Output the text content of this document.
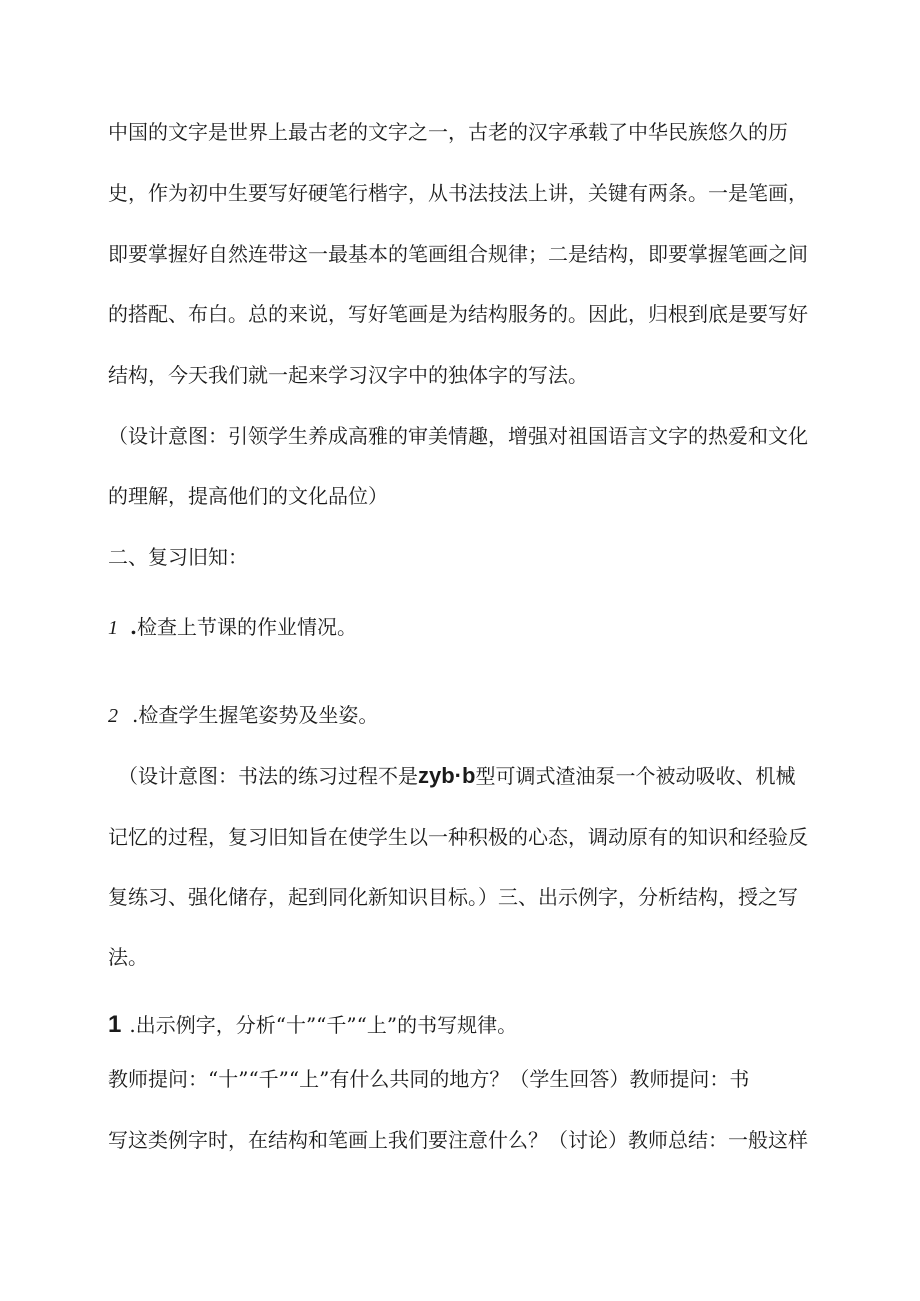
中国的文字是世界上最古老的文字之一，古老的汉字承载了中华民族悠久的历
史，作为初中生要写好硬笔行楷字，从书法技法上讲，关键有两条。一是笔画，
即要掌握好自然连带这一最基本的笔画组合规律；二是结构，即要掌握笔画之间
的搭配、布白。总的来说，写好笔画是为结构服务的。因此，归根到底是要写好
结构，今天我们就一起来学习汉字中的独体字的写法。
（设计意图：引领学生养成高雅的审美情趣，增强对祖国语言文字的热爱和文化
的理解，提高他们的文化品位）
二、复习旧知：
1 .检查上节课的作业情况。
2 .检查学生握笔姿势及坐姿。
（设计意图：书法的练习过程不是zyb·b型可调式渣油泵一个被动吸收、机械
记忆的过程，复习旧知旨在使学生以一种积极的心态，调动原有的知识和经验反
复练习、强化储存，起到同化新知识目标。）三、出示例字，分析结构，授之写
法。
1 .出示例字，分析“十”“千”“上”的书写规律。
教师提问：“十”“千”“上”有什么共同的地方？（学生回答）教师提问：书
写这类例字时，在结构和笔画上我们要注意什么？（讨论）教师总结：一般这样
